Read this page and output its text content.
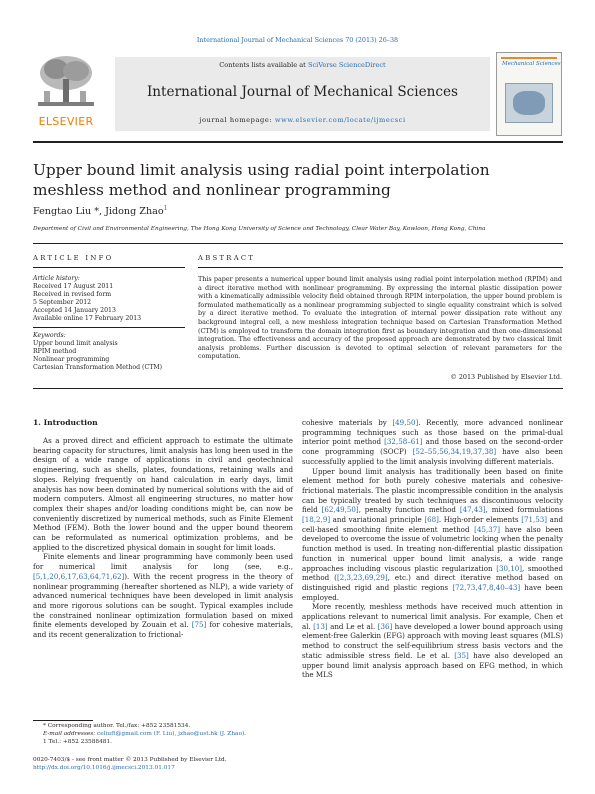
International Journal of Mechanical Sciences 70 (2013) 26–38
ELSEVIER
Contents lists available at SciVerse ScienceDirect
International Journal of Mechanical Sciences
journal homepage: www.elsevier.com/locate/ijmecsci
Mechanical Sciences
Upper bound limit analysis using radial point interpolation meshless method and nonlinear programming
Fengtao Liu *, Jidong Zhao$^1$
Department of Civil and Environmental Engineering, The Hong Kong University of Science and Technology, Clear Water Bay, Kowloon, Hong Kong, China
ARTICLE INFO
Article history:
Received 17 August 2011
Received in revised form
5 September 2012
Accepted 14 January 2013
Available online 17 February 2013
Keywords:
Upper bound limit analysis
RPIM method
Nonlinear programming
Cartesian Transformation Method (CTM)
ABSTRACT
This paper presents a numerical upper bound limit analysis using radial point interpolation method (RPIM) and a direct iterative method with nonlinear programming. By expressing the internal plastic dissipation power with a kinematically admissible velocity field obtained through RPIM interpolation, the upper bound problem is formulated mathematically as a nonlinear programming subjected to single equality constraint which is solved by a direct iterative method. To evaluate the integration of internal power dissipation rate without any background integral cell, a new meshless integration technique based on Cartesian Transformation Method (CTM) is employed to transform the domain integration first as boundary integration and then one-dimensional integration. The effectiveness and accuracy of the proposed approach are demonstrated by two classical limit analysis problems. Further discussion is devoted to optimal selection of relevant parameters for the computation.
© 2013 Published by Elsevier Ltd.
1. Introduction

As a proved direct and efficient approach to estimate the ultimate bearing capacity for structures, limit analysis has long been used in the design of a wide range of applications in civil and geotechnical engineering, such as shells, plates, foundations, retaining walls and slopes. Relying frequently on hand calculation in early days, limit analysis has now been dominated by numerical solutions with the aid of modern computers. Almost all engineering structures, no matter how complex their shapes and/or loading conditions might be, can now be conveniently discretized by numerical methods, such as Finite Element Method (FEM). Both the lower bound and the upper bound theorem can be reformulated as numerical optimization problems, and be applied to the discretized physical domain in sought for limit loads.

Finite elements and linear programming have commonly been used for numerical limit analysis for long (see, e.g., [5,1,20,6,17,63,64,71,62]). With the recent progress in the theory of nonlinear programming (hereafter shortened as NLP), a wide variety of advanced numerical techniques have been developed in limit analysis and more rigorous solutions can be sought. Typical examples include the constrained nonlinear optimization formulation based on mixed finite elements developed by Zouain et al. [75] for cohesive materials, and its recent generalization to frictional-

cohesive materials by [49,50]. Recently, more advanced nonlinear programming techniques such as those based on the primal-dual interior point method [32,58–61] and those based on the second-order cone programming (SOCP) [52–55,56,34,19,37,38] have also been successfully applied to the limit analysis involving different materials.

Upper bound limit analysis has traditionally been based on finite element method for both purely cohesive materials and cohesive-frictional materials. The plastic incompressible condition in the analysis can be typically treated by such techniques as discontinuous velocity field [62,49,50], penalty function method [47,43], mixed formulations [18,2,9] and variational principle [68]. High-order elements [71,53] and cell-based smoothing finite element method [45,37] have also been developed to overcome the issue of volumetric locking when the penalty function method is used. In treating non-differential plastic dissipation function in numerical upper bound limit analysis, a wide range approaches including viscous plastic regularization [30,10], smoothed method ([2,3,23,69,29], etc.) and direct iterative method based on distinguished rigid and plastic regions [72,73,47,8,40–43] have been employed.

More recently, meshless methods have received much attention in applications relevant to numerical limit analysis. For example, Chen et al. [13] and Le et al. [36] have developed a lower bound approach using element-free Galerkin (EFG) approach with moving least squares (MLS) method to construct the self-equilibrium stress basis vectors and the static admissible stress field. Le et al. [35] have also developed an upper bound limit analysis approach based on EFG method, in which the MLS

* Corresponding author. Tel./fax: +852 23581534.
E-mail addresses: celiuft@gmail.com (F. Liu), jzhao@ust.hk (J. Zhao).
1 Tel.: +852 23588481.
0020-7403/$ - see front matter © 2013 Published by Elsevier Ltd.
http://dx.doi.org/10.1016/j.ijmecsci.2013.01.017
